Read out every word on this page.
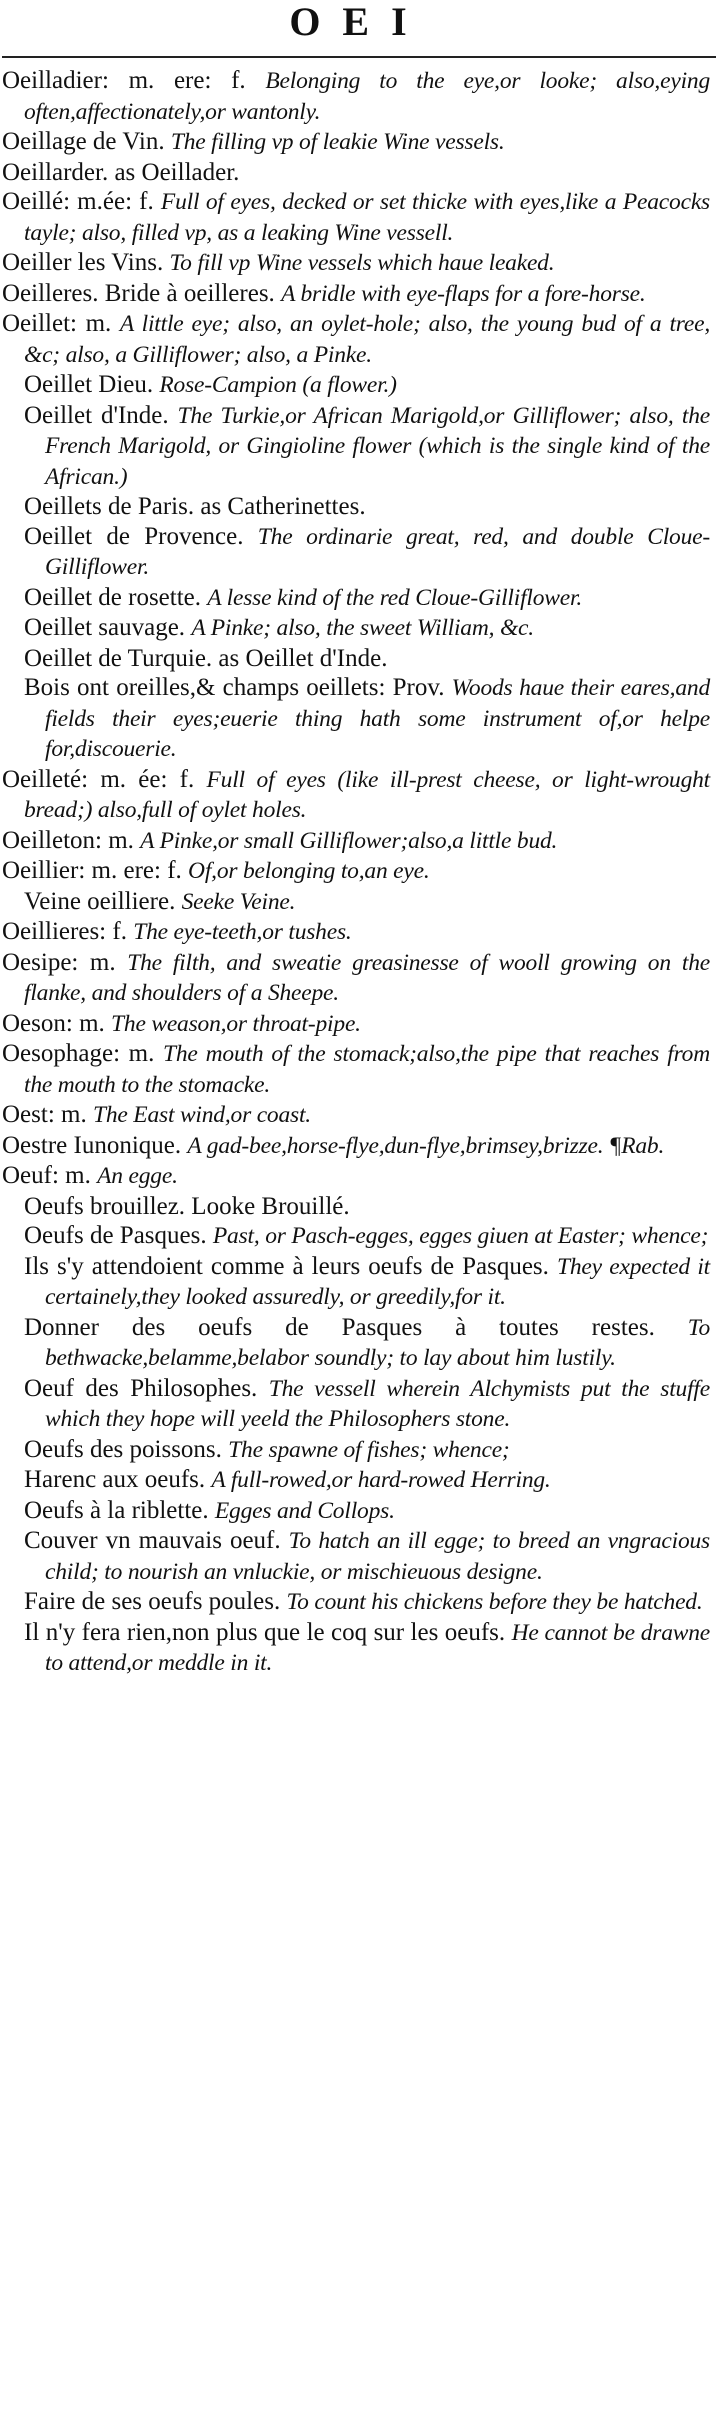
OEI

Oeilladier: m. ere: f. Belonging to the eye,or looke; also,eying often,affectionately,or wantonly.

Oeillage de Vin. The filling vp of leakie Wine vessels.

Oeillarder. as Oeillader.

Oeillé: m.ée: f. Full of eyes, decked or set thicke with eyes,like a Peacocks tayle; also, filled vp, as a leaking Wine vessell.

Oeiller les Vins. To fill vp Wine vessels which haue leaked.

Oeilleres. Bride à oeilleres. A bridle with eye-flaps for a fore-horse.

Oeillet: m. A little eye; also, an oylet-hole; also, the young bud of a tree, &c; also, a Gilliflower; also, a Pinke.

Oeillet Dieu. Rose-Campion (a flower.)

Oeillet d'Inde. The Turkie,or African Marigold,or Gilliflower; also, the French Marigold, or Gingioline flower (which is the single kind of the African.)

Oeillets de Paris. as Catherinettes.

Oeillet de Provence. The ordinarie great, red, and double Cloue-Gilliflower.

Oeillet de rosette. A lesse kind of the red Cloue-Gilliflower.

Oeillet sauvage. A Pinke; also, the sweet William, &c.

Oeillet de Turquie. as Oeillet d'Inde.

Bois ont oreilles,& champs oeillets: Prov. Woods haue their eares,and fields their eyes;euerie thing hath some instrument of,or helpe for,discouerie.

Oeilleté: m. ée: f. Full of eyes (like ill-prest cheese, or light-wrought bread;) also,full of oylet holes.

Oeilleton: m. A Pinke,or small Gilliflower;also,a little bud.

Oeillier: m. ere: f. Of,or belonging to,an eye.

Veine oeilliere. Seeke Veine.

Oeillieres: f. The eye-teeth,or tushes.

Oesipe: m. The filth, and sweatie greasinesse of wooll growing on the flanke, and shoulders of a Sheepe.

Oeson: m. The weason,or throat-pipe.

Oesophage: m. The mouth of the stomack;also,the pipe that reaches from the mouth to the stomacke.

Oest: m. The East wind,or coast.

Oestre Iunonique. A gad-bee,horse-flye,dun-flye,brimsey,brizze. ¶Rab.

Oeuf: m. An egge.

Oeufs brouillez. Looke Brouillé.

Oeufs de Pasques. Past, or Pasch-egges, egges giuen at Easter; whence;

Ils s'y attendoient comme à leurs oeufs de Pasques. They expected it certainely,they looked assuredly, or greedily,for it.

Donner des oeufs de Pasques à toutes restes. To bethwacke,belamme,belabor soundly; to lay about him lustily.

Oeuf des Philosophes. The vessell wherein Alchymists put the stuffe which they hope will yeeld the Philosophers stone.

Oeufs des poissons. The spawne of fishes; whence;

Harenc aux oeufs. A full-rowed,or hard-rowed Herring.

Oeufs à la riblette. Egges and Collops.

Couver vn mauvais oeuf. To hatch an ill egge; to breed an vngracious child; to nourish an vnluckie, or mischieuous designe.

Faire de ses oeufs poules. To count his chickens before they be hatched.

Il n'y fera rien,non plus que le coq sur les oeufs. He cannot be drawne to attend,or meddle in it.
